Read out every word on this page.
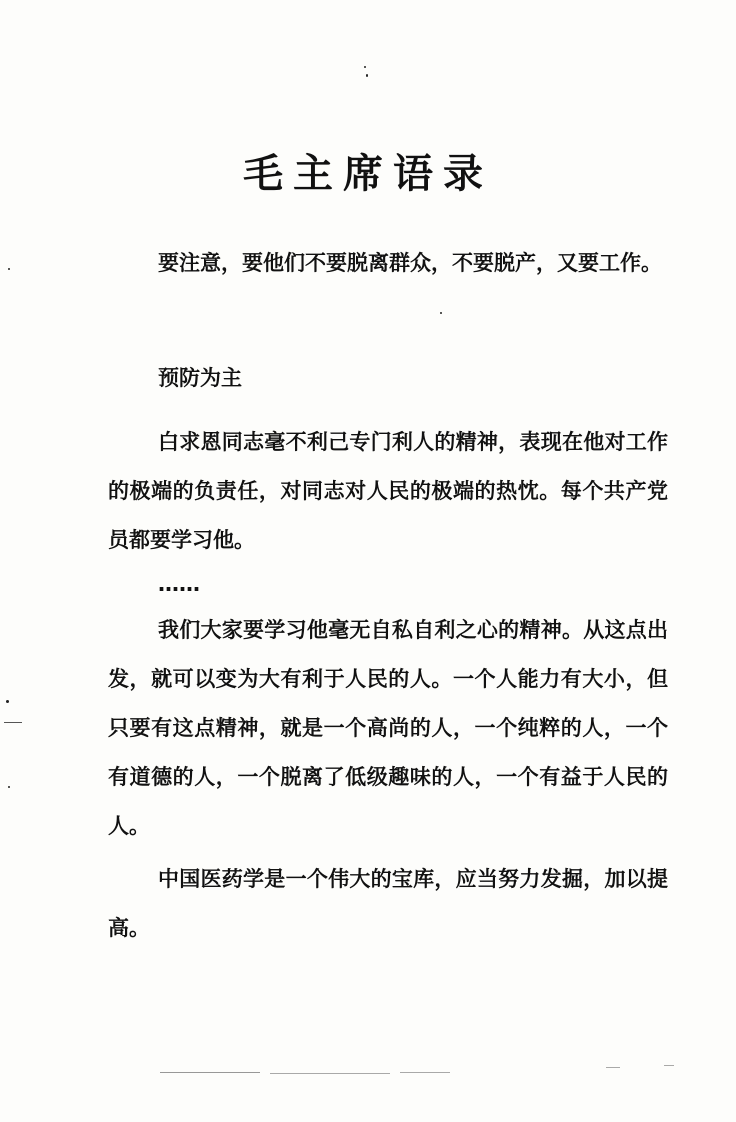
毛主席语录

要注意，要他们不要脱离群众，不要脱产，又要工作。

预防为主

白求恩同志毫不利己专门利人的精神，表现在他对工作的极端的负责任，对同志对人民的极端的热忱。每个共产党员都要学习他。

……

我们大家要学习他毫无自私自利之心的精神。从这点出发，就可以变为大有利于人民的人。一个人能力有大小，但只要有这点精神，就是一个高尚的人，一个纯粹的人，一个有道德的人，一个脱离了低级趣味的人，一个有益于人民的人。

中国医药学是一个伟大的宝库，应当努力发掘，加以提高。
